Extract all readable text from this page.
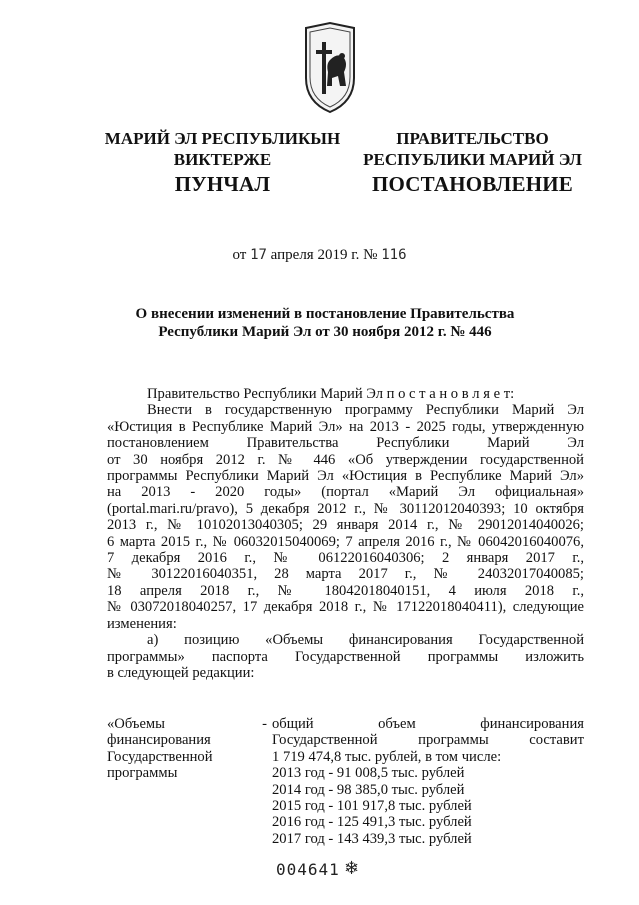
МАРИЙ ЭЛ РЕСПУБЛИКЫН
ВИКТЕРЖЕ
ПРАВИТЕЛЬСТВО
РЕСПУБЛИКИ МАРИЙ ЭЛ
ПУНЧАЛ	ПОСТАНОВЛЕНИЕ
от 17 апреля 2019 г. № 116
О внесении изменений в постановление Правительства
Республики Марий Эл от 30 ноября 2012 г. № 446

Правительство Республики Марий Эл п о с т а н о в л я е т:

Внести в государственную программу Республики Марий Эл

«Юстиция в Республике Марий Эл» на 2013 - 2025 годы, утвержденную

постановлением Правительства Республики Марий Эл

от 30 ноября 2012 г. № 446 «Об утверждении государственной

программы Республики Марий Эл «Юстиция в Республике Марий Эл»

на 2013 - 2020 годы» (портал «Марий Эл официальная»

(portal.mari.ru/pravo), 5 декабря 2012 г., № 30112012040393; 10 октября

2013 г., № 10102013040305; 29 января 2014 г., № 29012014040026;

6 марта 2015 г., № 06032015040069; 7 апреля 2016 г., № 06042016040076,

7 декабря 2016 г., № 06122016040306; 2 января 2017 г.,

№ 30122016040351, 28 марта 2017 г., № 24032017040085;

18 апреля 2018 г., № 18042018040151, 4 июля 2018 г.,

№ 03072018040257, 17 декабря 2018 г., № 17122018040411), следующие

изменения:

а) позицию «Объемы финансирования Государственной

программы» паспорта Государственной программы изложить

в следующей редакции:

«Объемы
финансирования
Государственной
программы
- общий объем финансирования

Государственной программы составит

1 719 474,8 тыс. рублей, в том числе:

2013 год - 91 008,5 тыс. рублей

2014 год - 98 385,0 тыс. рублей

2015 год - 101 917,8 тыс. рублей

2016 год - 125 491,3 тыс. рублей

2017 год - 143 439,3 тыс. рублей

004641 ❄
